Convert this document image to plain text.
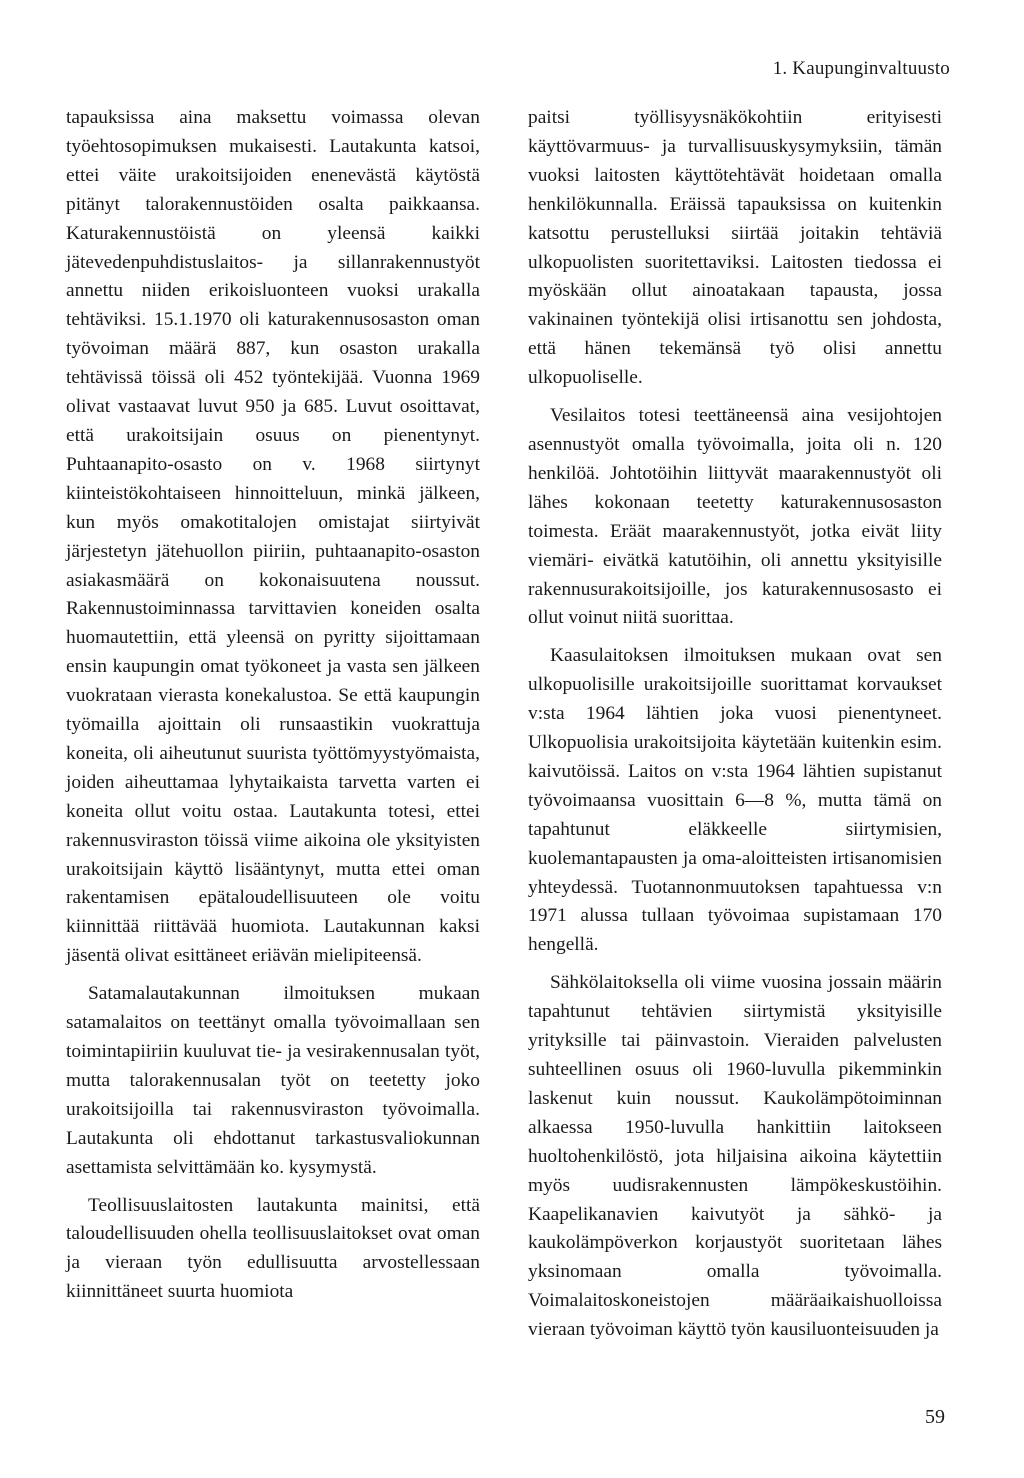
1. Kaupunginvaltuusto

tapauksissa aina maksettu voimassa olevan työehtosopimuksen mukaisesti. Lautakunta katsoi, ettei väite urakoitsijoiden enenevästä käytöstä pitänyt talorakennustöiden osalta paikkaansa. Katurakennustöistä on yleensä kaikki jätevedenpuhdistuslaitos- ja sillanrakennustyöt annettu niiden erikoisluonteen vuoksi urakalla tehtäviksi. 15.1.1970 oli katurakennusosaston oman työvoiman määrä 887, kun osaston urakalla tehtävissä töissä oli 452 työntekijää. Vuonna 1969 olivat vastaavat luvut 950 ja 685. Luvut osoittavat, että urakoitsijain osuus on pienentynyt. Puhtaanapito-osasto on v. 1968 siirtynyt kiinteistökohtaiseen hinnoitteluun, minkä jälkeen, kun myös omakotitalojen omistajat siirtyivät järjestetyn jätehuollon piiriin, puhtaanapito-osaston asiakasmäärä on kokonaisuutena noussut. Rakennustoiminnassa tarvittavien koneiden osalta huomautettiin, että yleensä on pyritty sijoittamaan ensin kaupungin omat työkoneet ja vasta sen jälkeen vuokrataan vierasta konekalustoa. Se että kaupungin työmailla ajoittain oli runsaastikin vuokrattuja koneita, oli aiheutunut suurista työttömyystyömaista, joiden aiheuttamaa lyhytaikaista tarvetta varten ei koneita ollut voitu ostaa. Lautakunta totesi, ettei rakennusviraston töissä viime aikoina ole yksityisten urakoitsijain käyttö lisääntynyt, mutta ettei oman rakentamisen epätaloudellisuuteen ole voitu kiinnittää riittävää huomiota. Lautakunnan kaksi jäsentä olivat esittäneet eriävän mielipiteensä.

Satamalautakunnan ilmoituksen mukaan satamalaitos on teettänyt omalla työvoimallaan sen toimintapiiriin kuuluvat tie- ja vesirakennusalan työt, mutta talorakennusalan työt on teetetty joko urakoitsijoilla tai rakennusviraston työvoimalla. Lautakunta oli ehdottanut tarkastusvaliokunnan asettamista selvittämään ko. kysymystä.

Teollisuuslaitosten lautakunta mainitsi, että taloudellisuuden ohella teollisuuslaitokset ovat oman ja vieraan työn edullisuutta arvostellessaan kiinnittäneet suurta huomiota

paitsi työllisyysnäkökohtiin erityisesti käyttövarmuus- ja turvallisuuskysymyksiin, tämän vuoksi laitosten käyttötehtävät hoidetaan omalla henkilökunnalla. Eräissä tapauksissa on kuitenkin katsottu perustelluksi siirtää joitakin tehtäviä ulkopuolisten suoritettaviksi. Laitosten tiedossa ei myöskään ollut ainoatakaan tapausta, jossa vakinainen työntekijä olisi irtisanottu sen johdosta, että hänen tekemänsä työ olisi annettu ulkopuoliselle.

Vesilaitos totesi teettäneensä aina vesijohtojen asennustyöt omalla työvoimalla, joita oli n. 120 henkilöä. Johtotöihin liittyvät maarakennustyöt oli lähes kokonaan teetetty katurakennusosaston toimesta. Eräät maarakennustyöt, jotka eivät liity viemäri- eivätkä katutöihin, oli annettu yksityisille rakennusurakoitsijoille, jos katurakennusosasto ei ollut voinut niitä suorittaa.

Kaasulaitoksen ilmoituksen mukaan ovat sen ulkopuolisille urakoitsijoille suorittamat korvaukset v:sta 1964 lähtien joka vuosi pienentyneet. Ulkopuolisia urakoitsijoita käytetään kuitenkin esim. kaivutöissä. Laitos on v:sta 1964 lähtien supistanut työvoimaansa vuosittain 6—8 %, mutta tämä on tapahtunut eläkkeelle siirtymisien, kuolemantapausten ja oma-aloitteisten irtisanomisien yhteydessä. Tuotannonmuutoksen tapahtuessa v:n 1971 alussa tullaan työvoimaa supistamaan 170 hengellä.

Sähkölaitoksella oli viime vuosina jossain määrin tapahtunut tehtävien siirtymistä yksityisille yrityksille tai päinvastoin. Vieraiden palvelusten suhteellinen osuus oli 1960-luvulla pikemminkin laskenut kuin noussut. Kaukolämpötoiminnan alkaessa 1950-luvulla hankittiin laitokseen huoltohenkilöstö, jota hiljaisina aikoina käytettiin myös uudisrakennusten lämpökeskustöihin. Kaapelikanavien kaivutyöt ja sähkö- ja kaukolämpöverkon korjaustyöt suoritetaan lähes yksinomaan omalla työvoimalla. Voimalaitoskoneistojen määräaikaishuolloissa vieraan työvoiman käyttö työn kausiluonteisuuden ja

59
